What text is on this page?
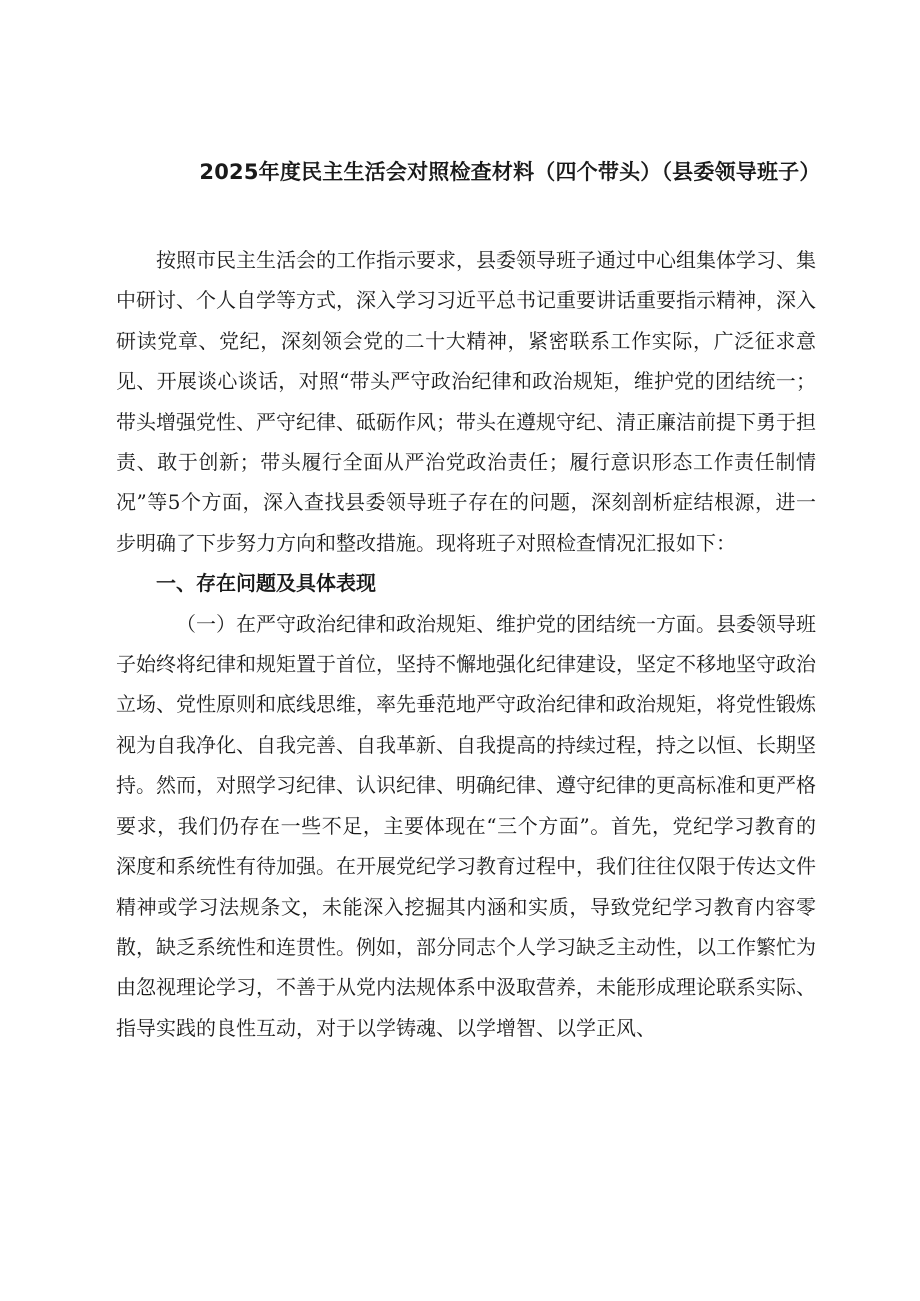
2025年度民主生活会对照检查材料（四个带头）（县委领导班子）

按照市民主生活会的工作指示要求，县委领导班子通过中心组集体学习、集中研讨、个人自学等方式，深入学习习近平总书记重要讲话重要指示精神，深入研读党章、党纪，深刻领会党的二十大精神，紧密联系工作实际，广泛征求意见、开展谈心谈话，对照“带头严守政治纪律和政治规矩，维护党的团结统一；带头增强党性、严守纪律、砥砺作风；带头在遵规守纪、清正廉洁前提下勇于担责、敢于创新；带头履行全面从严治党政治责任；履行意识形态工作责任制情况”等5个方面，深入查找县委领导班子存在的问题，深刻剖析症结根源，进一步明确了下步努力方向和整改措施。现将班子对照检查情况汇报如下：

一、存在问题及具体表现

（一）在严守政治纪律和政治规矩、维护党的团结统一方面。县委领导班子始终将纪律和规矩置于首位，坚持不懈地强化纪律建设，坚定不移地坚守政治立场、党性原则和底线思维，率先垂范地严守政治纪律和政治规矩，将党性锻炼视为自我净化、自我完善、自我革新、自我提高的持续过程，持之以恒、长期坚持。然而，对照学习纪律、认识纪律、明确纪律、遵守纪律的更高标准和更严格要求，我们仍存在一些不足，主要体现在“三个方面”。首先，党纪学习教育的深度和系统性有待加强。在开展党纪学习教育过程中，我们往往仅限于传达文件精神或学习法规条文，未能深入挖掘其内涵和实质，导致党纪学习教育内容零散，缺乏系统性和连贯性。例如，部分同志个人学习缺乏主动性，以工作繁忙为由忽视理论学习，不善于从党内法规体系中汲取营养，未能形成理论联系实际、指导实践的良性互动，对于以学铸魂、以学增智、以学正风、
